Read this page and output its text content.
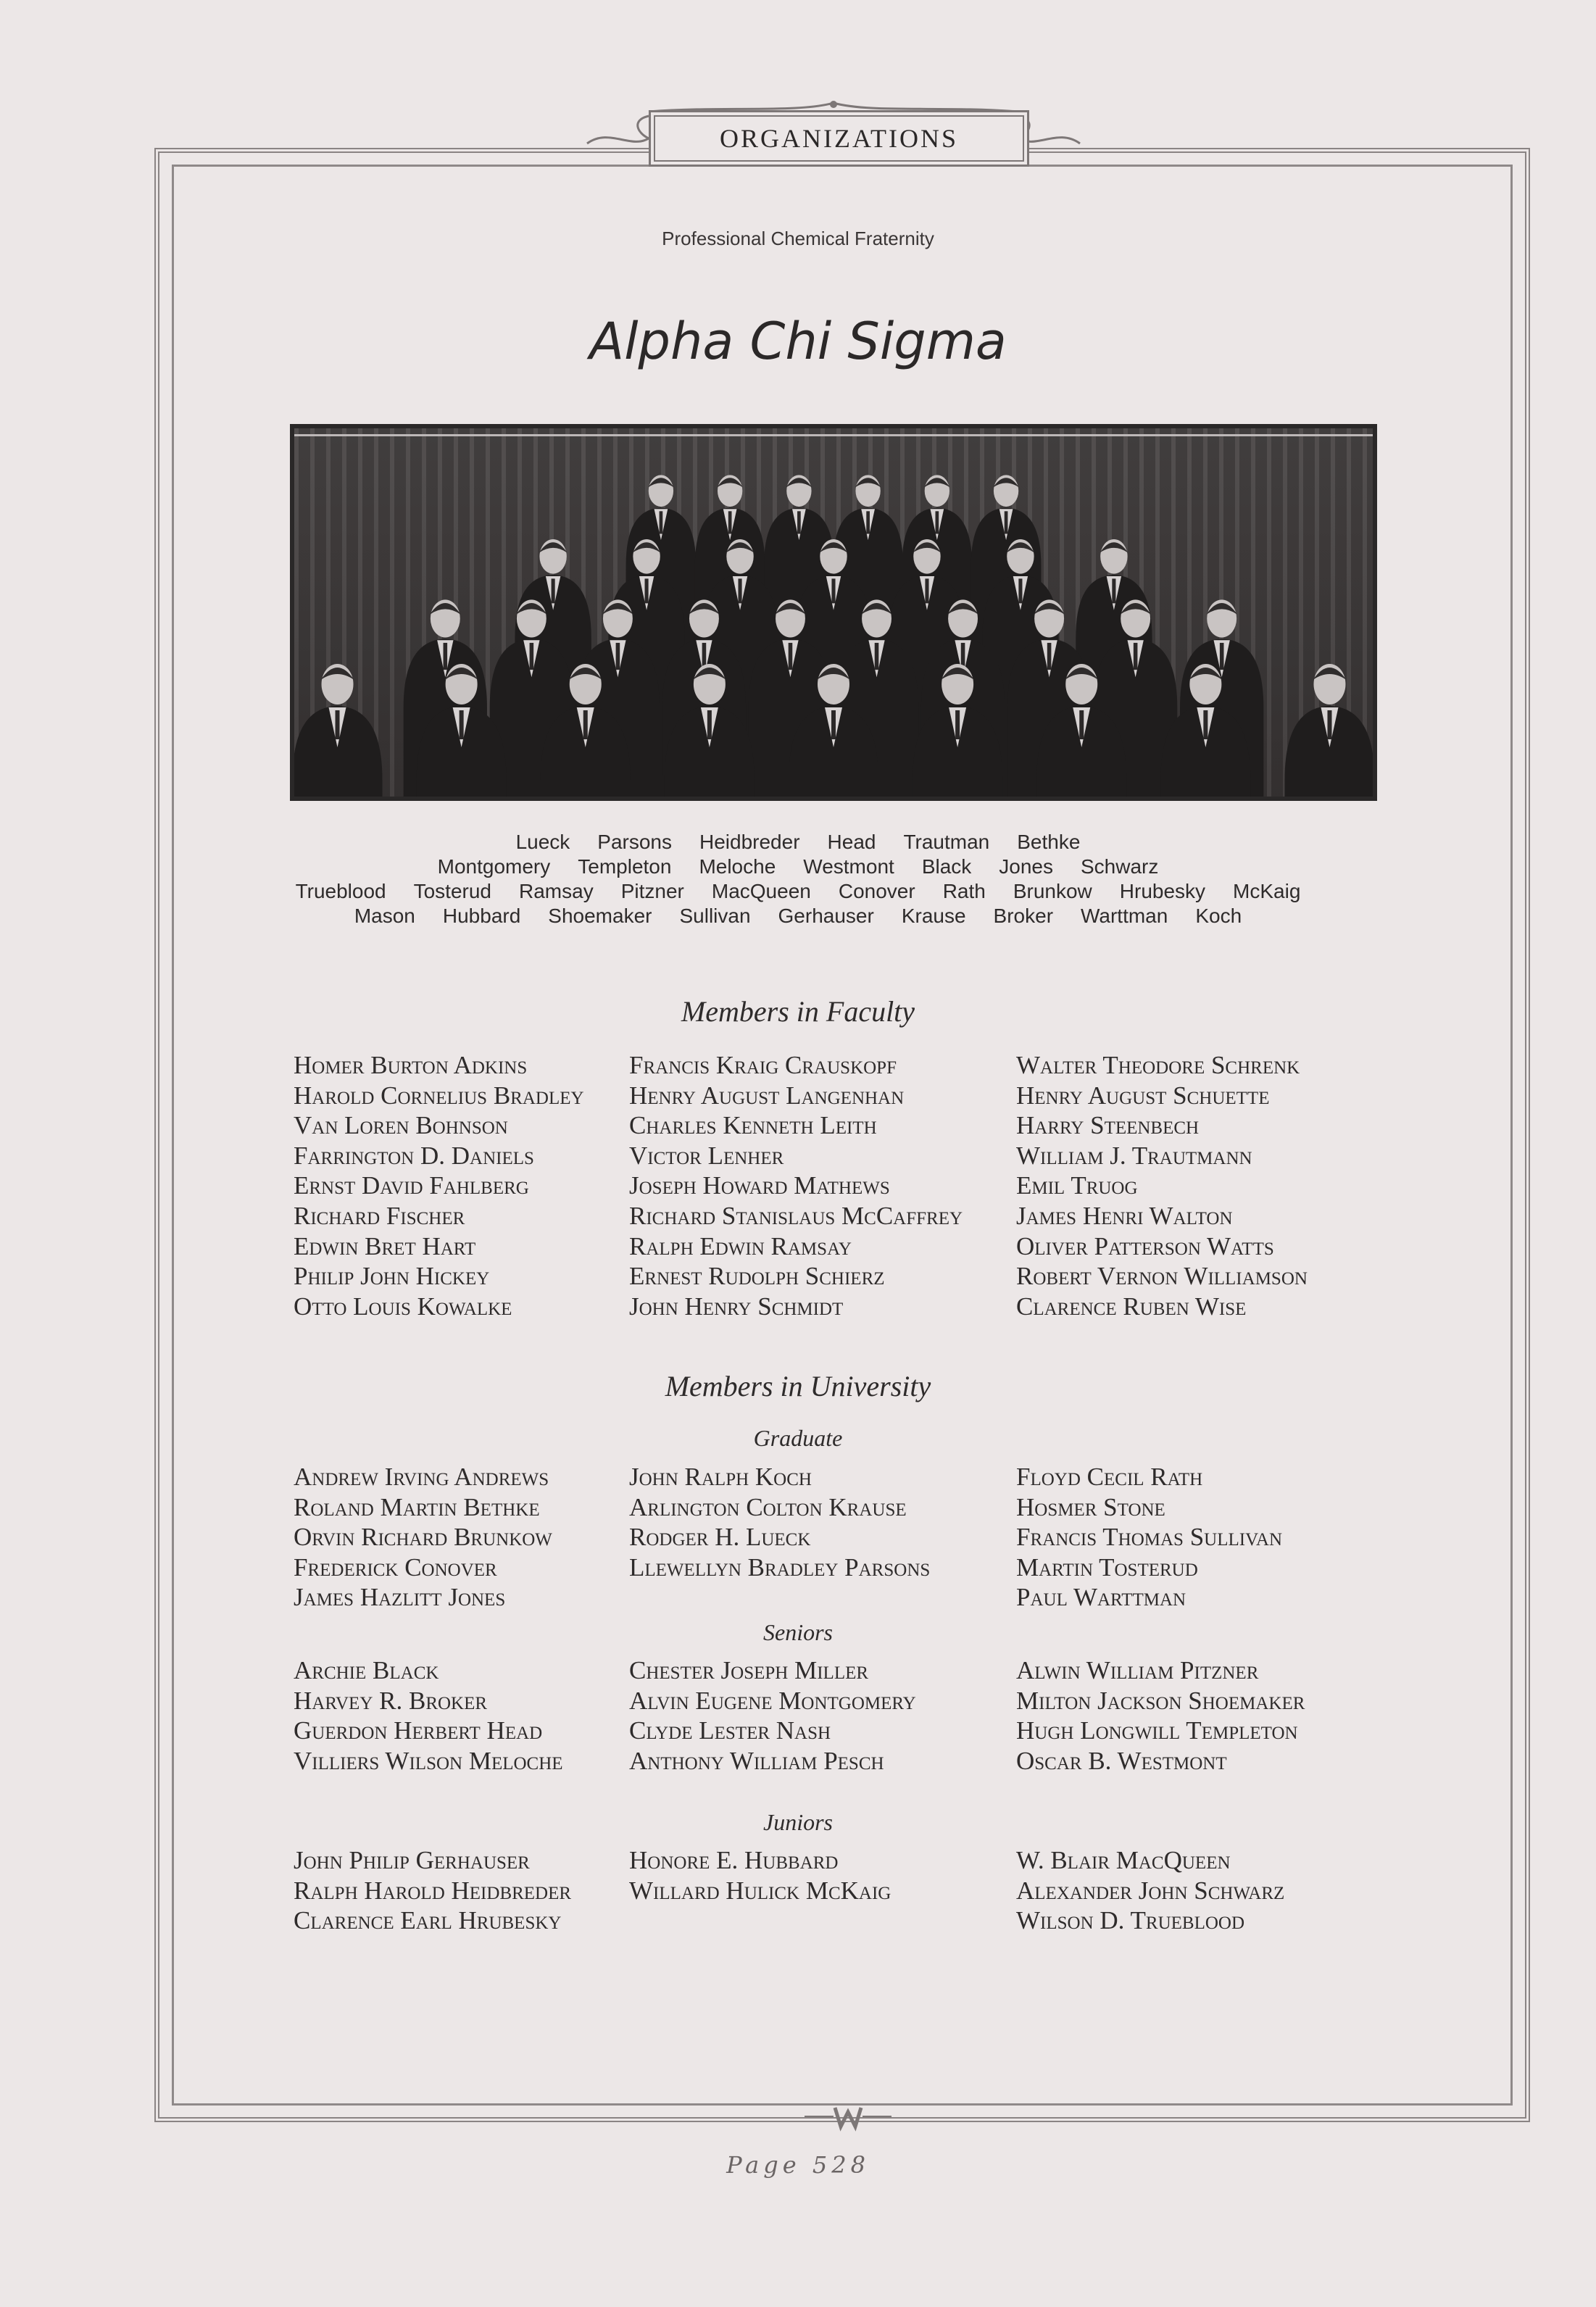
ORGANIZATIONS
Professional Chemical Fraternity
Alpha Chi Sigma
Lueck Parsons Heidbreder Head Trautman Bethke
Montgomery Templeton Meloche Westmont Black Jones Schwarz
Trueblood Tosterud Ramsay Pitzner MacQueen Conover Rath Brunkow Hrubesky McKaig
Mason Hubbard Shoemaker Sullivan Gerhauser Krause Broker Warttman Koch
Members in Faculty
Homer Burton Adkins
Harold Cornelius Bradley
Van Loren Bohnson
Farrington D. Daniels
Ernst David Fahlberg
Richard Fischer
Edwin Bret Hart
Philip John Hickey
Otto Louis Kowalke
Francis Kraig Crauskopf
Henry August Langenhan
Charles Kenneth Leith
Victor Lenher
Joseph Howard Mathews
Richard Stanislaus McCaffrey
Ralph Edwin Ramsay
Ernest Rudolph Schierz
John Henry Schmidt
Walter Theodore Schrenk
Henry August Schuette
Harry Steenbech
William J. Trautmann
Emil Truog
James Henri Walton
Oliver Patterson Watts
Robert Vernon Williamson
Clarence Ruben Wise
Members in University
Graduate
Andrew Irving Andrews
Roland Martin Bethke
Orvin Richard Brunkow
Frederick Conover
James Hazlitt Jones
John Ralph Koch
Arlington Colton Krause
Rodger H. Lueck
Llewellyn Bradley Parsons
Floyd Cecil Rath
Hosmer Stone
Francis Thomas Sullivan
Martin Tosterud
Paul Warttman
Seniors
Archie Black
Harvey R. Broker
Guerdon Herbert Head
Villiers Wilson Meloche
Chester Joseph Miller
Alvin Eugene Montgomery
Clyde Lester Nash
Anthony William Pesch
Alwin William Pitzner
Milton Jackson Shoemaker
Hugh Longwill Templeton
Oscar B. Westmont
Juniors
John Philip Gerhauser
Ralph Harold Heidbreder
Clarence Earl Hrubesky
Honore E. Hubbard
Willard Hulick McKaig
W. Blair MacQueen
Alexander John Schwarz
Wilson D. Trueblood
Page 528
